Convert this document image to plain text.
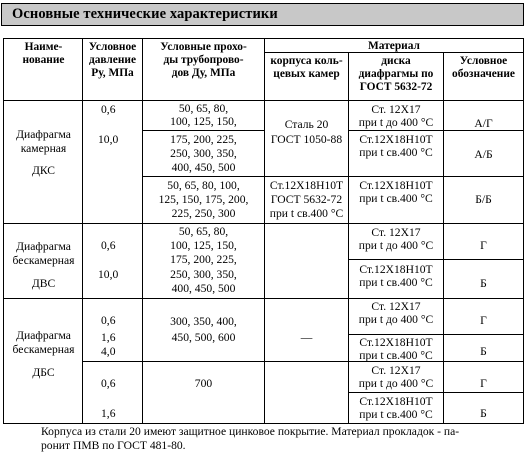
Основные технические характеристики
Наиме-
нование
Условное
давление
Ру, МПа
Условные прохо-
ды трубопрово-
дов Ду, МПа
Материал
корпуса коль-
цевых камер
диска
диафрагмы по
ГОСТ 5632-72
Условное
обозначение
Диафрагма
камерная
ДКС
0,6
10,0
50, 65, 80,
100, 125, 150,
175, 200, 225,
250, 300, 350,
400, 450, 500
50, 65, 80, 100,
125, 150, 175, 200,
225, 250, 300
Сталь 20
ГОСТ 1050-88
Ст.12Х18Н10Т
ГОСТ 5632-72
при t св.400 °С
Ст. 12Х17
при t до 400 °С
Ст.12Х18Н10Т
при t св.400 °С
Ст.12Х18Н10Т
при t св.400 °С
А/Г
А/Б
Б/Б
Диафрагма
бескамерная
ДВС
0,6
10,0
50, 65, 80,
100, 125, 150,
175, 200, 225,
250, 300, 350,
400, 450, 500
Ст. 12Х17
при t до 400 °С
Ст.12Х18Н10Т
при t св.400 °С
Г
Б
Диафрагма
бескамерная
ДБС
0,6
1,6
4,0
0,6
1,6
300, 350, 400,
450, 500, 600
700
—
Ст. 12Х17
при t до 400 °С
Ст.12Х18Н10Т
при t св.400 °С
Ст. 12Х17
при t до 400 °С
Ст.12Х18Н10Т
при t св.400 °С
Г
Б
Г
Б
Корпуса из стали 20 имеют защитное цинковое покрытие. Материал прокладок - па-
ронит ПМВ по ГОСТ 481-80.
